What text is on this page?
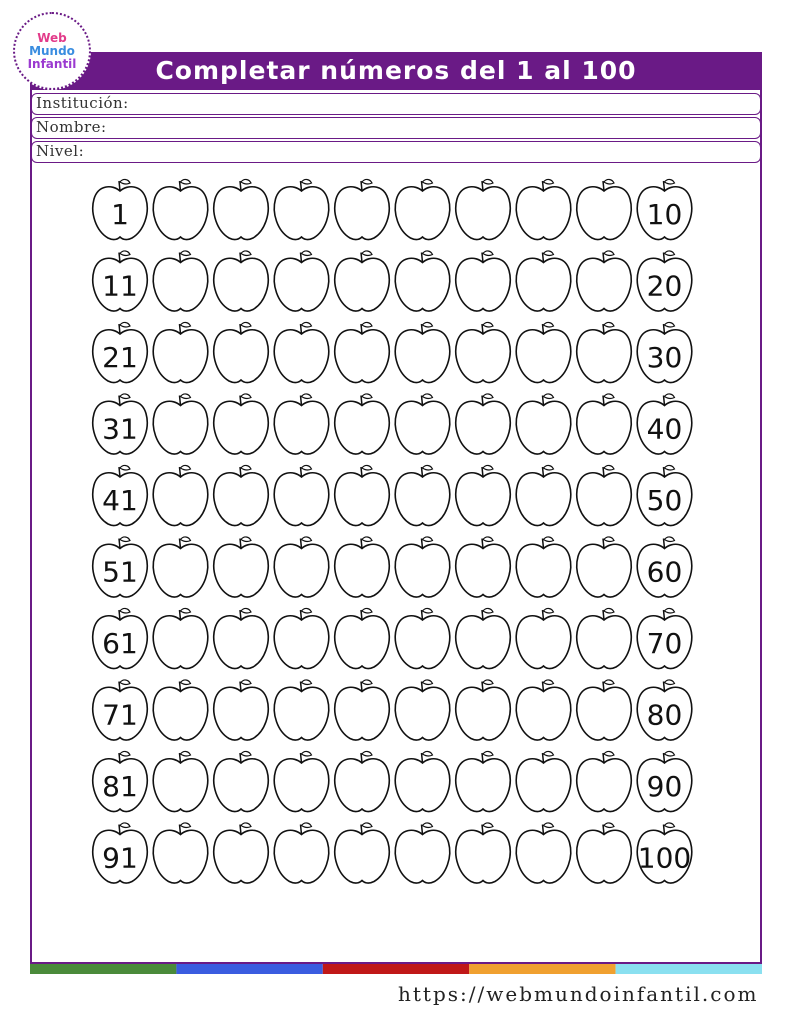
Completar números del 1 al 100
Web
Mundo
Infantil
Institución:
Nombre:
Nivel:
1	10
11	20
21	30
31	40
41	50
51	60
61	70
71	80
81	90
91	100
https://webmundoinfantil.com
